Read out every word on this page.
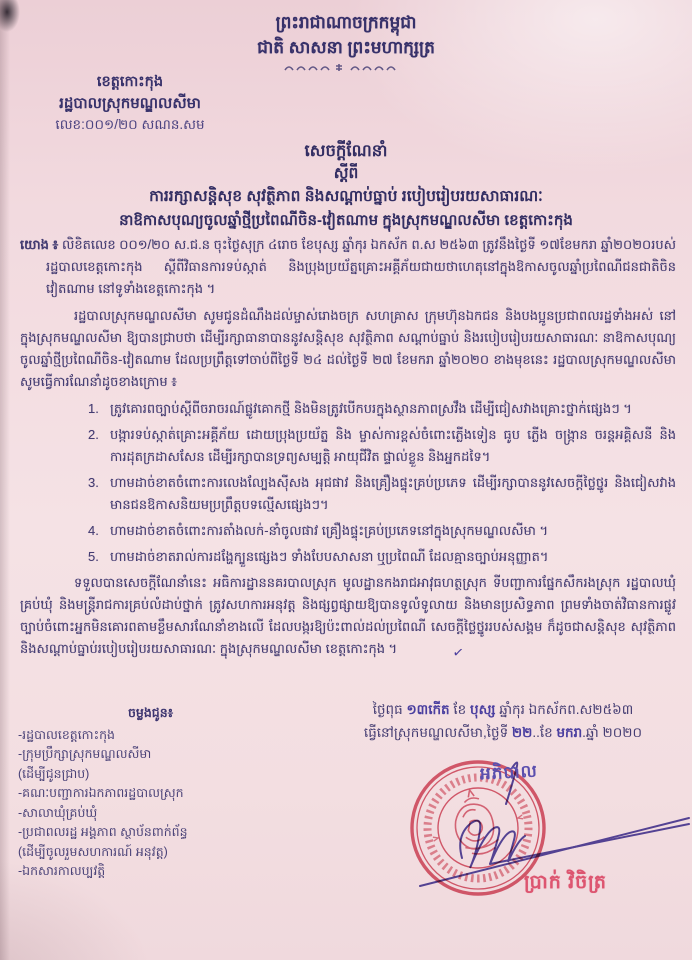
ព្រះរាជាណាចក្រកម្ពុជា
ជាតិ សាសនា ព្រះមហាក្សត្រ
ខេត្តកោះកុង
រដ្ឋបាលស្រុកមណ្ឌលសីមា
លេខ:០០១/២០ សណន.សម
សេចក្តីណែនាំ
ស្តីពី
ការរក្សាសន្តិសុខ សុវត្ថិភាព និងសណ្តាប់ធ្នាប់ របៀបរៀបរយសាធារណៈ
នាឱកាសបុណ្យចូលឆ្នាំថ្មីប្រពៃណីចិន-វៀតណាម ក្នុងស្រុកមណ្ឌលសីមា ខេត្តកោះកុង

យោង ៖ លិខិតលេខ ០០១/២០ ស.ជ.ន ចុះថ្ងៃសុក្រ ៤រោច ខែបុស្ស ឆ្នាំកុរ ឯកស័ក ព.ស ២៥៦៣ ត្រូវនឹងថ្ងៃទី ១៧ខែមករា ឆ្នាំ២០២០របស់រដ្ឋបាលខេត្តកោះកុង ស្តីពីវិធានការទប់ស្កាត់ និងប្រុងប្រយ័ត្នគ្រោះអគ្គីភ័យជាយថាហេតុនៅក្នុងឱកាសចូលឆ្នាំប្រពៃណីជនជាតិចិន វៀតណាម នៅទូទាំងខេត្តកោះកុង ។

រដ្ឋបាលស្រុកមណ្ឌលសីមា សូមជូនដំណឹងដល់ម្ចាស់រោងចក្រ សហគ្រាស ក្រុមហ៊ុនឯកជន និងបងប្អូនប្រជាពលរដ្ឋទាំងអស់ នៅក្នុងស្រុកមណ្ឌលសីមា ឱ្យបានជ្រាបថា ដើម្បីរក្សាធានាបាននូវសន្តិសុខ សុវត្ថិភាព សណ្តាប់ធ្នាប់ និងរបៀបរៀបរយសាធារណៈ នាឱកាសបុណ្យចូលឆ្នាំថ្មីប្រពៃណីចិន-វៀតណាម ដែលប្រព្រឹត្តទៅចាប់ពីថ្ងៃទី ២៤ ដល់ថ្ងៃទី ២៧ ខែមករា ឆ្នាំ២០២០ ខាងមុខនេះ រដ្ឋបាលស្រុកមណ្ឌលសីមា សូមធ្វើការណែនាំដូចខាងក្រោម ៖

1. ត្រូវគោរពច្បាប់ស្តីពីចរាចរណ៍ផ្លូវគោកថ្មី និងមិនត្រូវបើកបរក្នុងស្ថានភាពស្រវឹង ដើម្បីជៀសវាងគ្រោះថ្នាក់ផ្សេងៗ ។
2. បង្ការទប់ស្កាត់គ្រោះអគ្គីភ័យ ដោយប្រុងប្រយ័ត្ន និង ម្ចាស់ការខ្ពស់ចំពោះភ្លើងទៀន ធូប ភ្លើង ចង្ក្រាន ចរន្តអគ្គិសនី និងការដុតក្រដាសសែន ដើម្បីរក្សាបានទ្រព្យសម្បត្តិ អាយុជីវិត ផ្ទាល់ខ្លួន និងអ្នកដទៃ។
3. ហាមដាច់ខាតចំពោះការលេងល្បែងស៊ីសង អុជផាវ និងគ្រឿងផ្ទុះគ្រប់ប្រភេទ ដើម្បីរក្សាបាននូវសេចក្តីថ្លៃថ្នូរ និងជៀសវាងមានជនឱកាសនិយមប្រព្រឹត្តបទល្មើសផ្សេងៗ។
4. ហាមដាច់ខាតចំពោះការតាំងលក់-នាំចូលផាវ គ្រឿងផ្ទុះគ្រប់ប្រភេទនៅក្នុងស្រុកមណ្ឌលសីមា ។
5. ហាមដាច់ខាតរាល់ការដង្ហែក្បួនផ្សេងៗ ទាំងបែបសាសនា ឬប្រពៃណី ដែលគ្មានច្បាប់អនុញ្ញាត។

ទទួលបានសេចក្តីណែនាំនេះ អធិការដ្ឋាននគរបាលស្រុក មូលដ្ឋានកងរាជអាវុធហត្ថស្រុក ទីបញ្ជាការផ្នែកសឹករងស្រុក រដ្ឋបាលឃុំគ្រប់ឃុំ និងមន្ត្រីរាជការគ្រប់លំដាប់ថ្នាក់ ត្រូវសហការអនុវត្ត និងផ្សព្វផ្សាយឱ្យបានទូលំទូលាយ និងមានប្រសិទ្ធភាព ព្រមទាំងចាត់វិធានការផ្លូវច្បាប់ចំពោះអ្នកមិនគោរពតាមខ្លឹមសារណែនាំខាងលើ ដែលបង្ករឱ្យប៉ះពាល់ដល់ប្រពៃណី សេចក្តីថ្លៃថ្នូររបស់សង្គម ក៏ដូចជាសន្តិសុខ សុវត្ថិភាព និងសណ្តាប់ធ្នាប់របៀបរៀបរយសាធារណៈ ក្នុងស្រុកមណ្ឌលសីមា ខេត្តកោះកុង ។	✓

ថ្ងៃពុធ ១៣កើត ខែ បុស្ស ឆ្នាំកុរ ឯកស័កព.ស២៥៦៣
ធ្វើនៅស្រុកមណ្ឌលសីមា,ថ្ងៃទី ២២..ខែ មករា.ឆ្នាំ ២០២០
ចម្លងជូន៖
-រដ្ឋបាលខេត្តកោះកុង
-ក្រុមប្រឹក្សាស្រុកមណ្ឌលសីមា
(ដើម្បីជូនជ្រាប)
-គណៈបញ្ជាការឯកភាពរដ្ឋបាលស្រុក
-សាលាឃុំគ្រប់ឃុំ
-ប្រជាពលរដ្ឋ អង្គភាព ស្ថាប័នពាក់ព័ន្ធ
(ដើម្បីចូលរួមសហការណ៍ អនុវត្ត)
-ឯកសារកាលប្បវត្តិ
អភិបាល
ប្រាក់ វិចិត្រ
